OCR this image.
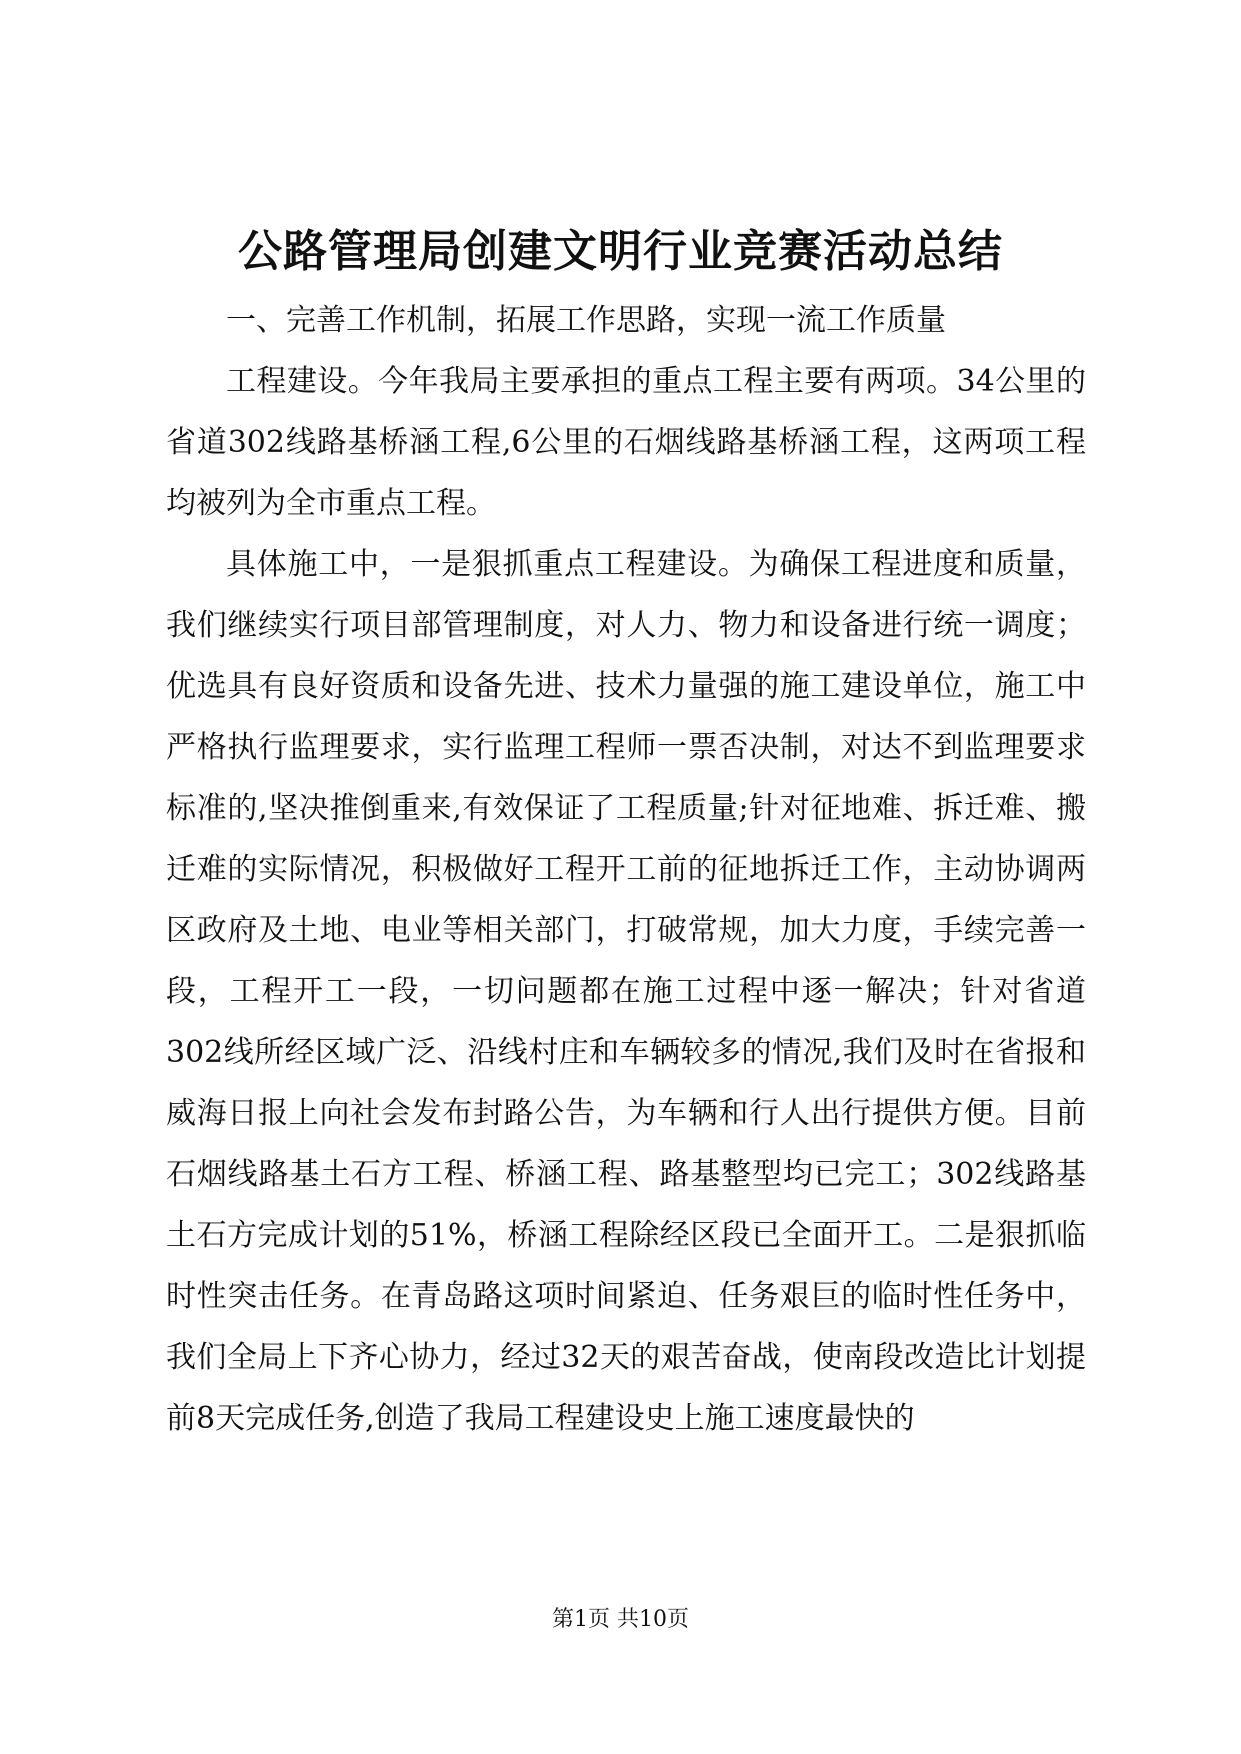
公路管理局创建文明行业竞赛活动总结

一、完善工作机制，拓展工作思路，实现一流工作质量

工程建设。今年我局主要承担的重点工程主要有两项。34公里的省道302线路基桥涵工程,6公里的石烟线路基桥涵工程，这两项工程均被列为全市重点工程。

具体施工中，一是狠抓重点工程建设。为确保工程进度和质量，我们继续实行项目部管理制度，对人力、物力和设备进行统一调度；优选具有良好资质和设备先进、技术力量强的施工建设单位，施工中严格执行监理要求，实行监理工程师一票否决制，对达不到监理要求标准的,坚决推倒重来,有效保证了工程质量;针对征地难、拆迁难、搬迁难的实际情况，积极做好工程开工前的征地拆迁工作，主动协调两区政府及土地、电业等相关部门，打破常规，加大力度，手续完善一段，工程开工一段，一切问题都在施工过程中逐一解决；针对省道302线所经区域广泛、沿线村庄和车辆较多的情况,我们及时在省报和威海日报上向社会发布封路公告，为车辆和行人出行提供方便。目前石烟线路基土石方工程、桥涵工程、路基整型均已完工；302线路基土石方完成计划的51%，桥涵工程除经区段已全面开工。二是狠抓临时性突击任务。在青岛路这项时间紧迫、任务艰巨的临时性任务中，我们全局上下齐心协力，经过32天的艰苦奋战，使南段改造比计划提前8天完成任务,创造了我局工程建设史上施工速度最快的

第1页 共10页
